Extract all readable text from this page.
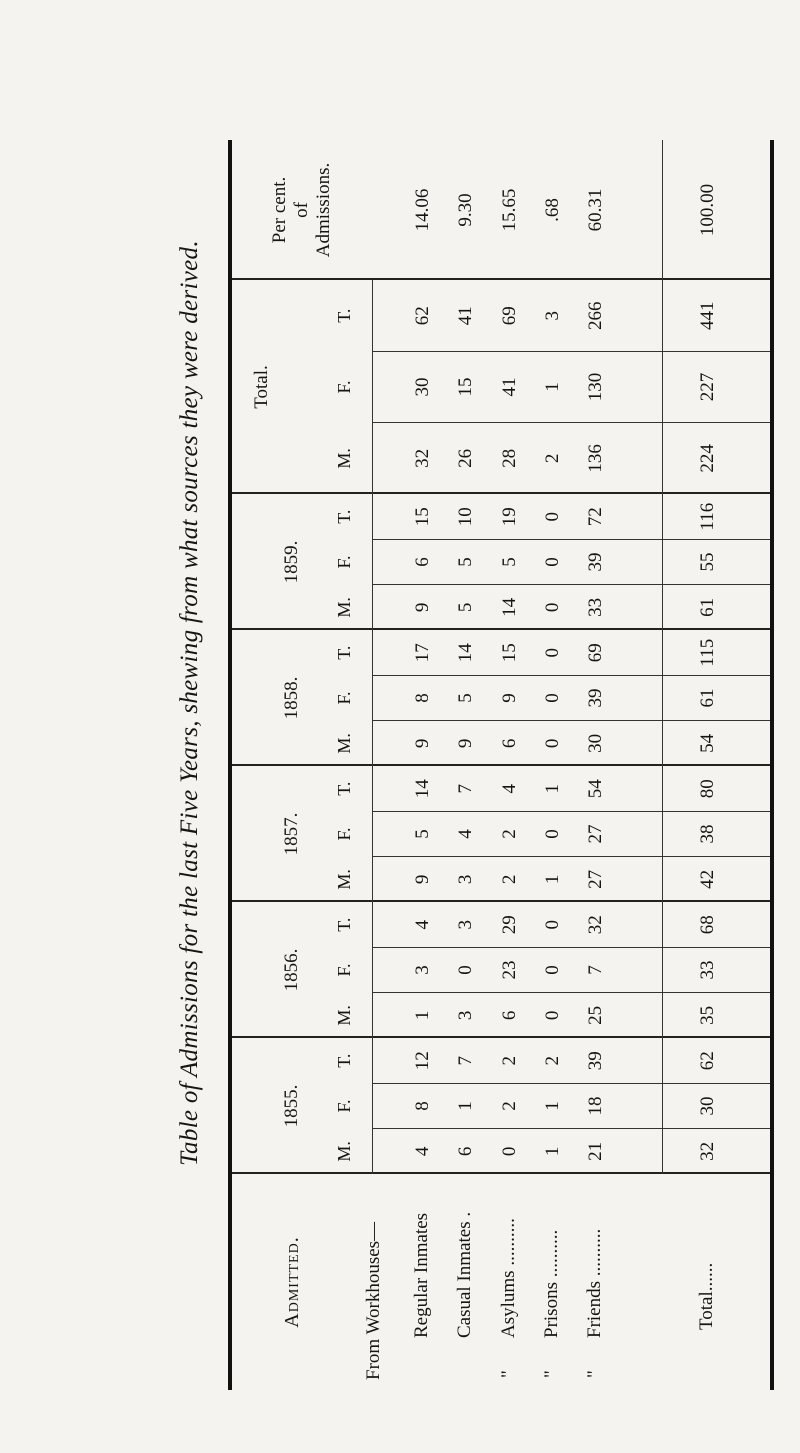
Table of Admissions for the last Five Years, shewing from what sources they were derived.
Admitted.
Per cent. of Admissions.
From Workhouses— Regular Inmates Casual Inmates . Asylums ..........
"
Prisons ..........
"
Friends ..........
"
Total......
1855.
M.
F.
T.
1856.
M.
F.
T.
1857.
M.
F.
T.
1858.
M.
F.
T.
1859.
M.
F.
T.
Total.
M.
F.
T.
4
8
12
1
3
4
9
5
14
9
8
17
9
6
15
32
30
62
14.06
6
1
7
3
0
3
3
4
7
9
5
14
5
5
10
26
15
41
9.30
0
2
2
6
23
29
2
2
4
6
9
15
14
5
19
28
41
69
15.65
1
1
2
0
0
0
1
0
1
0
0
0
0
0
0
2
1
3
.68
21
18
39
25
7
32
27
27
54
30
39
69
33
39
72
136
130
266
60.31
32
30
62
35
33
68
42
38
80
54
61
115
61
55
116
224
227
441
100.00
